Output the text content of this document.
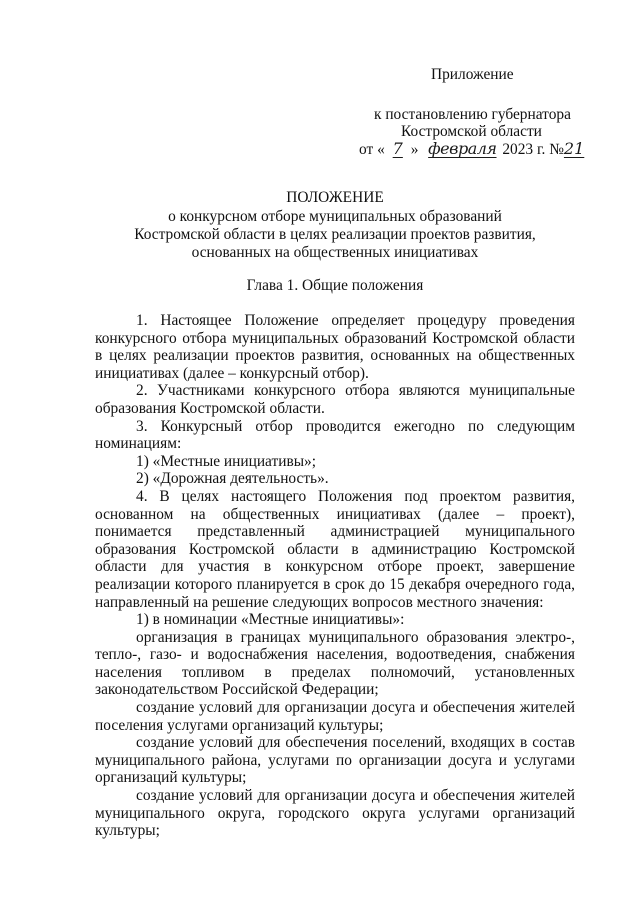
Приложение
к постановлению губернатора
Костромской области
от « 7 » февраля 2023 г. №21
ПОЛОЖЕНИЕ
о конкурсном отборе муниципальных образований
Костромской области в целях реализации проектов развития,
основанных на общественных инициативах
Глава 1. Общие положения

1. Настоящее Положение определяет процедуру проведения конкурсного отбора муниципальных образований Костромской области в целях реализации проектов развития, основанных на общественных инициативах (далее – конкурсный отбор).

2. Участниками конкурсного отбора являются муниципальные образования Костромской области.

3. Конкурсный отбор проводится ежегодно по следующим номинациям:

1) «Местные инициативы»;

2) «Дорожная деятельность».

4. В целях настоящего Положения под проектом развития, основанном на общественных инициативах (далее – проект), понимается представленный администрацией муниципального образования Костромской области в администрацию Костромской области для участия в конкурсном отборе проект, завершение реализации которого планируется в срок до 15 декабря очередного года, направленный на решение следующих вопросов местного значения:

1) в номинации «Местные инициативы»:

организация в границах муниципального образования электро-, тепло-, газо- и водоснабжения населения, водоотведения, снабжения населения топливом в пределах полномочий, установленных законодательством Российской Федерации;

создание условий для организации досуга и обеспечения жителей поселения услугами организаций культуры;

создание условий для обеспечения поселений, входящих в состав муниципального района, услугами по организации досуга и услугами организаций культуры;

создание условий для организации досуга и обеспечения жителей муниципального округа, городского округа услугами организаций культуры;
